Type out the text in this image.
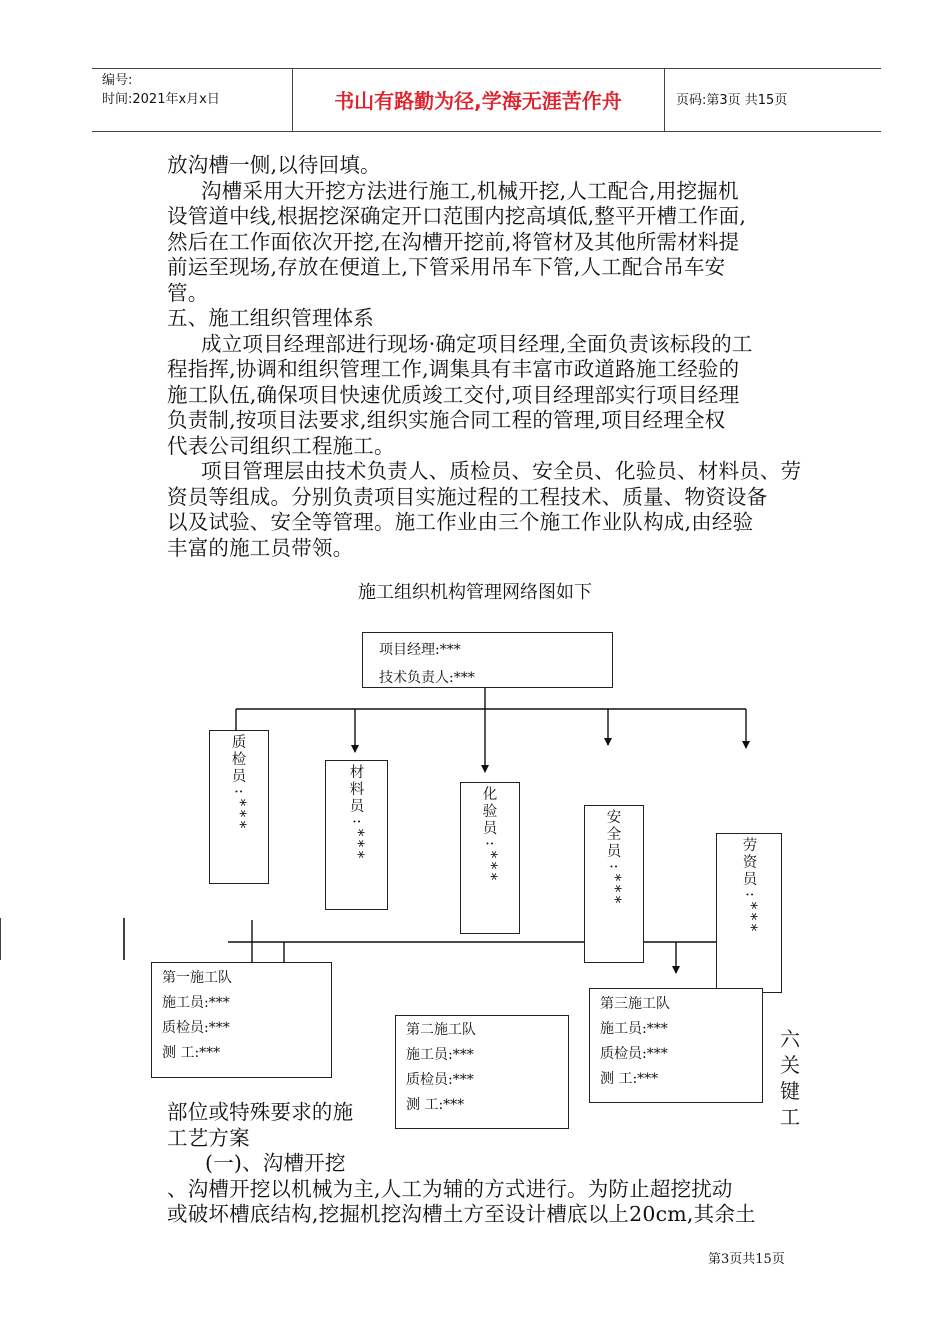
编号:
时间:2021年x月x日	书山有路勤为径,学海无涯苦作舟	页码:第3页 共15页
放沟槽一侧,以待回填。
沟槽采用大开挖方法进行施工,机械开挖,人工配合,用挖掘机
设管道中线,根据挖深确定开口范围内挖高填低,整平开槽工作面,
然后在工作面依次开挖,在沟槽开挖前,将管材及其他所需材料提
前运至现场,存放在便道上,下管采用吊车下管,人工配合吊车安
管。
五、施工组织管理体系
成立项目经理部进行现场·确定项目经理,全面负责该标段的工
程指挥,协调和组织管理工作,调集具有丰富市政道路施工经验的
施工队伍,确保项目快速优质竣工交付,项目经理部实行项目经理
负责制,按项目法要求,组织实施合同工程的管理,项目经理全权
代表公司组织工程施工。
项目管理层由技术负责人、质检员、安全员、化验员、材料员、劳
资员等组成。分别负责项目实施过程的工程技术、质量、物资设备
以及试验、安全等管理。施工作业由三个施工作业队构成,由经验
丰富的施工员带领。
施工组织机构管理网络图如下
项目经理:***
技术负责人:***
质
检
员
:
*
*
*
材
料
员
:
*
*
*
化
验
员
:
*
*
*
安
全
员
:
*
*
*
劳
资
员
:
*
*
*
第一施工队
施工员:***
质检员:***
测 工:***
第二施工队
施工员:***
质检员:***
测 工:***
第三施工队
施工员:***
质检员:***
测 工:***
六
关
键
工
部位或特殊要求的施
工艺方案
(一)、沟槽开挖
、沟槽开挖以机械为主,人工为辅的方式进行。为防止超挖扰动
或破坏槽底结构,挖掘机挖沟槽土方至设计槽底以上20cm,其余土
第3页共15页
